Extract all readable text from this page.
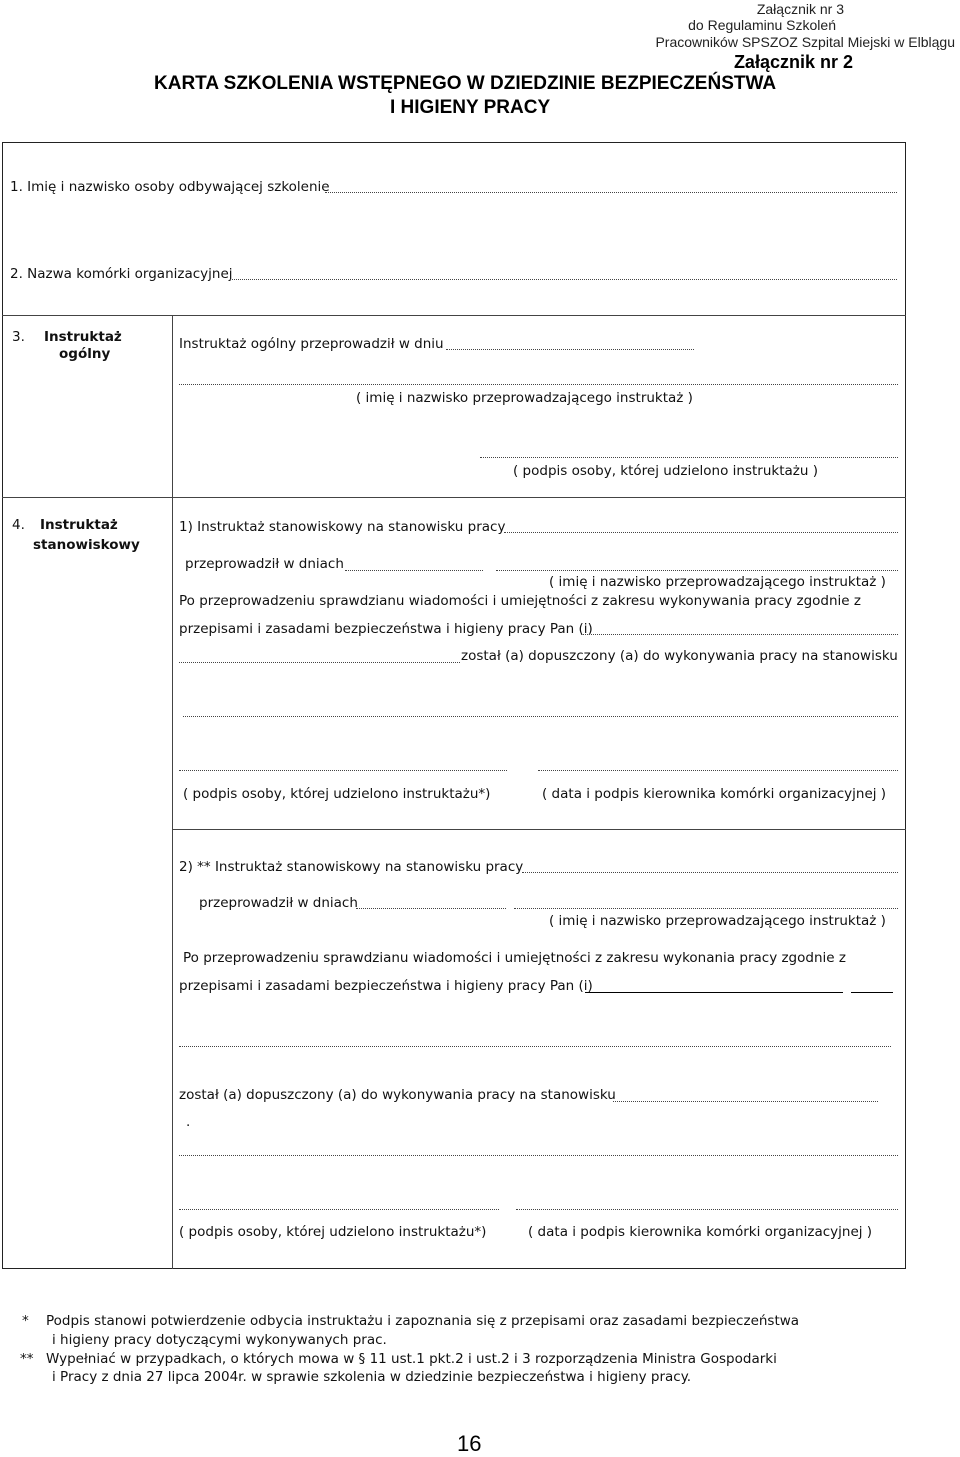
Załącznik nr 3
do Regulaminu Szkoleń
Pracowników SPSZOZ Szpital Miejski w Elblągu
Załącznik nr 2
KARTA SZKOLENIA WSTĘPNEGO W DZIEDZINIE BEZPIECZEŃSTWA
I HIGIENY PRACY
1. Imię i nazwisko osoby odbywającej szkolenie
2. Nazwa komórki organizacyjnej
3. Instruktaż
ogólny
Instruktaż ogólny przeprowadził w dniu
( imię i nazwisko przeprowadzającego instruktaż )
( podpis osoby, której udzielono instruktażu )
4. Instruktaż
stanowiskowy
1) Instruktaż stanowiskowy na stanowisku pracy
przeprowadził w dniach
( imię i nazwisko przeprowadzającego instruktaż )
Po przeprowadzeniu sprawdzianu wiadomości i umiejętności z zakresu wykonywania pracy zgodnie z
przepisami i zasadami bezpieczeństwa i higieny pracy Pan (i)
został (a) dopuszczony (a) do wykonywania pracy na stanowisku
( podpis osoby, której udzielono instruktażu*)	( data i podpis kierownika komórki organizacyjnej )
2) ** Instruktaż stanowiskowy na stanowisku pracy
przeprowadził w dniach
( imię i nazwisko przeprowadzającego instruktaż )
Po przeprowadzeniu sprawdzianu wiadomości i umiejętności z zakresu wykonania pracy zgodnie z
przepisami i zasadami bezpieczeństwa i higieny pracy Pan (i)
został (a) dopuszczony (a) do wykonywania pracy na stanowisku
.
( podpis osoby, której udzielono instruktażu*)	( data i podpis kierownika komórki organizacyjnej )
* Podpis stanowi potwierdzenie odbycia instruktażu i zapoznania się z przepisami oraz zasadami bezpieczeństwa
i higieny pracy dotyczącymi wykonywanych prac.
** Wypełniać w przypadkach, o których mowa w § 11 ust.1 pkt.2 i ust.2 i 3 rozporządzenia Ministra Gospodarki
i Pracy z dnia 27 lipca 2004r. w sprawie szkolenia w dziedzinie bezpieczeństwa i higieny pracy.
16
